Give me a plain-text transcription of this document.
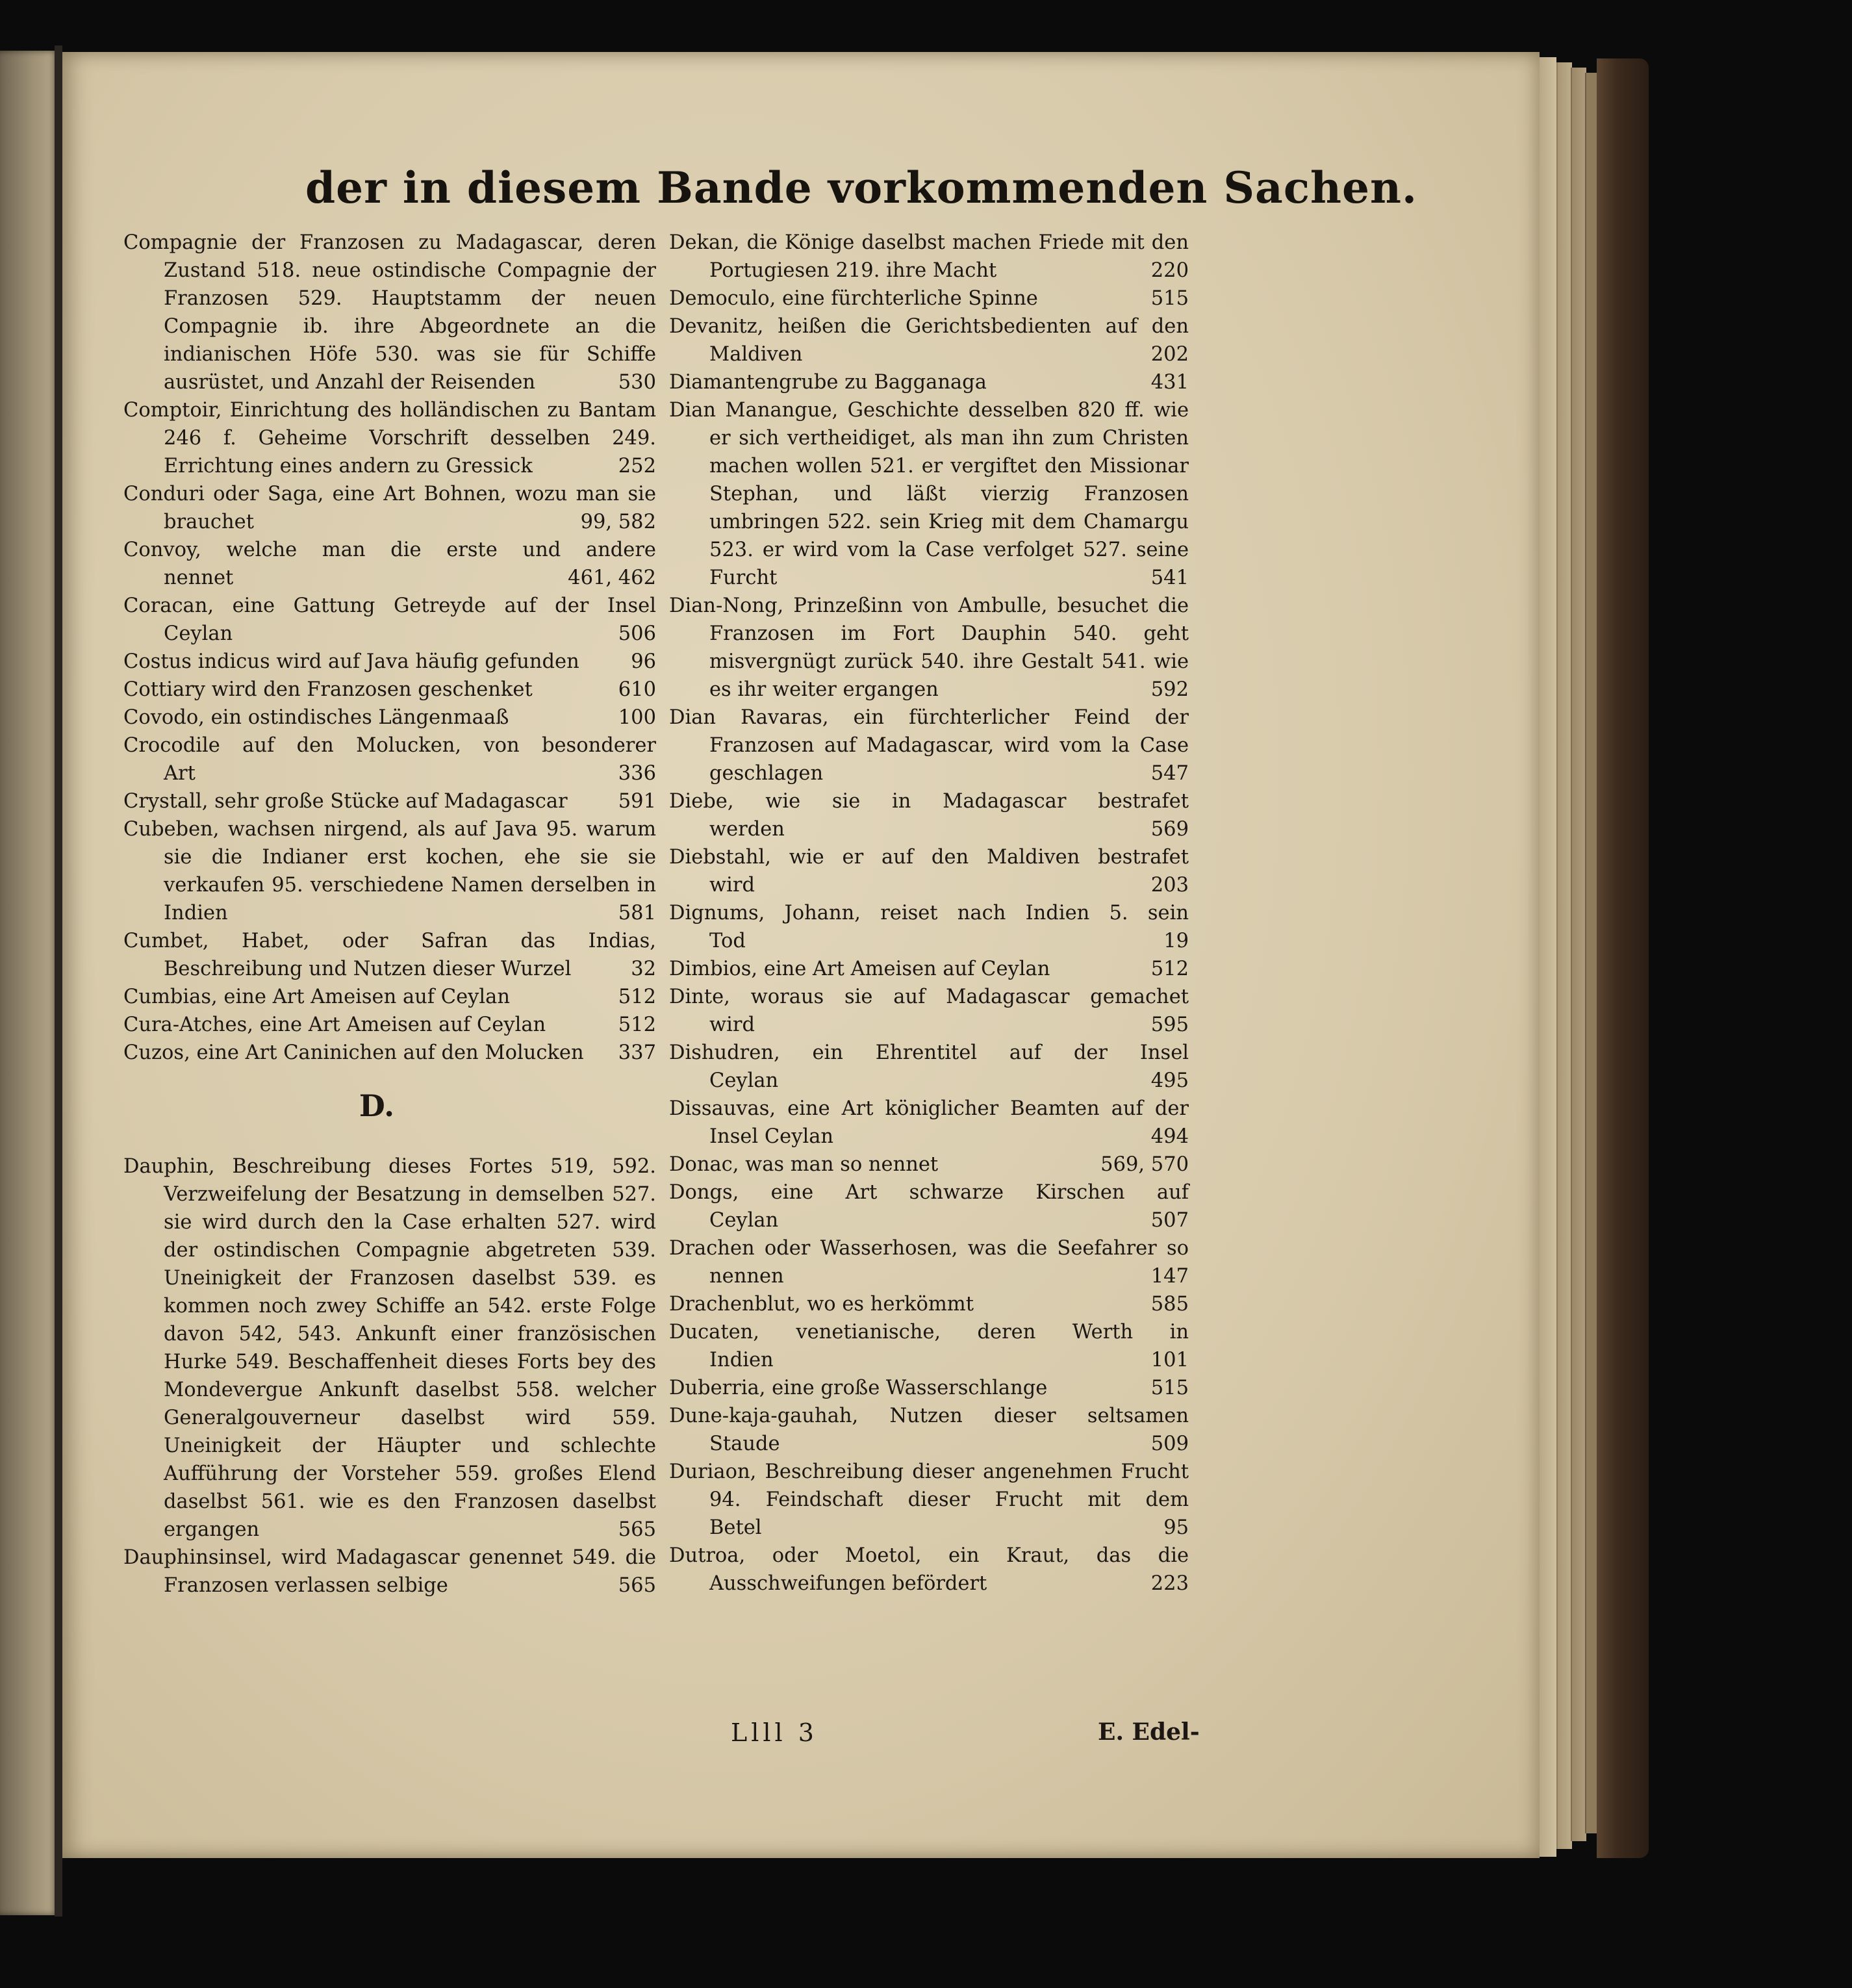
der in diesem Bande vorkommenden Sachen.

Compagnie der Franzosen zu Madagascar, deren Zustand 518. neue ostindische Compagnie der Franzosen 529. Hauptstamm der neuen Compagnie ib. ihre Abgeordnete an die indianischen Höfe 530. was sie für Schiffe ausrüstet, und Anzahl der Reisenden	530

Comptoir, Einrichtung des holländischen zu Bantam 246 f. Geheime Vorschrift desselben 249. Errichtung eines andern zu Gressick	252

Conduri oder Saga, eine Art Bohnen, wozu man sie brauchet	99, 582

Convoy, welche man die erste und andere nennet	461, 462

Coracan, eine Gattung Getreyde auf der Insel Ceylan	506

Costus indicus wird auf Java häufig gefunden	96

Cottiary wird den Franzosen geschenket	610

Covodo, ein ostindisches Längenmaaß	100

Crocodile auf den Molucken, von besonderer Art	336

Crystall, sehr große Stücke auf Madagascar	591

Cubeben, wachsen nirgend, als auf Java 95. warum sie die Indianer erst kochen, ehe sie sie verkaufen 95. verschiedene Namen derselben in Indien	581

Cumbet, Habet, oder Safran das Indias, Beschreibung und Nutzen dieser Wurzel	32

Cumbias, eine Art Ameisen auf Ceylan	512

Cura-Atches, eine Art Ameisen auf Ceylan	512

Cuzos, eine Art Caninichen auf den Molucken 337

D.

Dauphin, Beschreibung dieses Fortes 519, 592. Verzweifelung der Besatzung in demselben 527. sie wird durch den la Case erhalten 527. wird der ostindischen Compagnie abgetreten 539. Uneinigkeit der Franzosen daselbst 539. es kommen noch zwey Schiffe an 542. erste Folge davon 542, 543. Ankunft einer französischen Hurke 549. Beschaffenheit dieses Forts bey des Mondevergue Ankunft daselbst 558. welcher Generalgouverneur daselbst wird 559. Uneinigkeit der Häupter und schlechte Aufführung der Vorsteher 559. großes Elend daselbst 561. wie es den Franzosen daselbst ergangen	565

Dauphinsinsel, wird Madagascar genennet 549. die Franzosen verlassen selbige	565

Dekan, die Könige daselbst machen Friede mit den Portugiesen 219. ihre Macht	220

Democulo, eine fürchterliche Spinne	515

Devanitz, heißen die Gerichtsbedienten auf den Maldiven	202

Diamantengrube zu Bagganaga	431

Dian Manangue, Geschichte desselben 820 ff. wie er sich vertheidiget, als man ihn zum Christen machen wollen 521. er vergiftet den Missionar Stephan, und läßt vierzig Franzosen umbringen 522. sein Krieg mit dem Chamargu 523. er wird vom la Case verfolget 527. seine Furcht	541

Dian-Nong, Prinzeßinn von Ambulle, besuchet die Franzosen im Fort Dauphin 540. geht misvergnügt zurück 540. ihre Gestalt 541. wie es ihr weiter ergangen	592

Dian Ravaras, ein fürchterlicher Feind der Franzosen auf Madagascar, wird vom la Case geschlagen	547

Diebe, wie sie in Madagascar bestrafet werden	569

Diebstahl, wie er auf den Maldiven bestrafet wird	203

Dignums, Johann, reiset nach Indien 5. sein Tod	19

Dimbios, eine Art Ameisen auf Ceylan	512

Dinte, woraus sie auf Madagascar gemachet wird	595

Dishudren, ein Ehrentitel auf der Insel Ceylan	495

Dissauvas, eine Art königlicher Beamten auf der Insel Ceylan	494

Donac, was man so nennet	569, 570

Dongs, eine Art schwarze Kirschen auf Ceylan	507

Drachen oder Wasserhosen, was die Seefahrer so nennen	147

Drachenblut, wo es herkömmt	585

Ducaten, venetianische, deren Werth in Indien	101

Duberria, eine große Wasserschlange	515

Dune-kaja-gauhah, Nutzen dieser seltsamen Staude	509

Duriaon, Beschreibung dieser angenehmen Frucht 94. Feindschaft dieser Frucht mit dem Betel	95

Dutroa, oder Moetol, ein Kraut, das die Ausschweifungen befördert	223

Llll 3	E. Edel-
